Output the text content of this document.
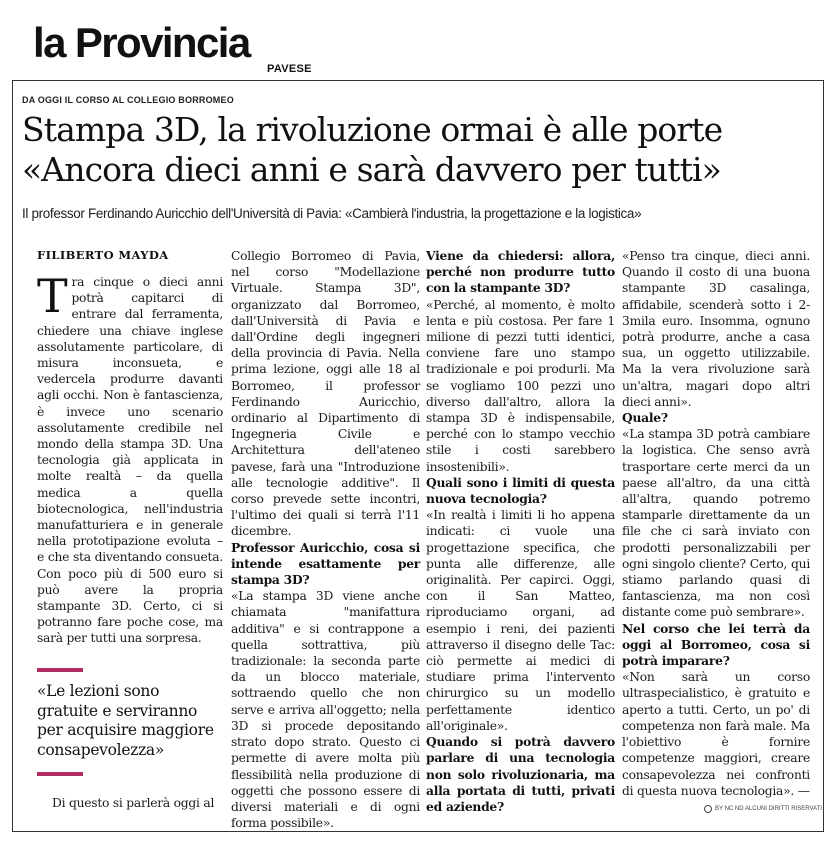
la Provincia
PAVESE
DA OGGI IL CORSO AL COLLEGIO BORROMEO
Stampa 3D, la rivoluzione ormai è alle porte
«Ancora dieci anni e sarà davvero per tutti»
Il professor Ferdinando Auricchio dell'Università di Pavia: «Cambierà l'industria, la progettazione e la logistica»
FILIBERTO MAYDA

Tra cinque o dieci anni potrà capitarci di entrare dal ferramenta, chiedere una chiave inglese assolutamente particolare, di misura inconsueta, e vedercela produrre davanti agli occhi. Non è fantascienza, è invece uno scenario assolutamente credibile nel mondo della stampa 3D. Una tecnologia già applicata in molte realtà – da quella medica a quella biotecnologica, nell'industria manufatturiera e in generale nella prototipazione evoluta – e che sta diventando consueta. Con poco più di 500 euro si può avere la propria stampante 3D. Certo, ci si potranno fare poche cose, ma sarà per tutti una sorpresa.

«Le lezioni sono gratuite e serviranno per acquisire maggiore consapevolezza»
Di questo si parlerà oggi al

Collegio Borromeo di Pavia, nel corso "Modellazione Virtuale. Stampa 3D", organizzato dal Borromeo, dall'Università di Pavia e dall'Ordine degli ingegneri della provincia di Pavia. Nella prima lezione, oggi alle 18 al Borromeo, il professor Ferdinando Auricchio, ordinario al Dipartimento di Ingegneria Civile e Architettura dell'ateneo pavese, farà una "Introduzione alle tecnologie additive". Il corso prevede sette incontri, l'ultimo dei quali si terrà l'11 dicembre.

Professor Auricchio, cosa si intende esattamente per stampa 3D?

«La stampa 3D viene anche chiamata "manifattura additiva" e si contrappone a quella sottrattiva, più tradizionale: la seconda parte da un blocco materiale, sottraendo quello che non serve e arriva all'oggetto; nella 3D si procede depositando strato dopo strato. Questo ci permette di avere molta più flessibilità nella produzione di oggetti che possono essere di diversi materiali e di ogni forma possibile».

Viene da chiedersi: allora, perché non produrre tutto con la stampante 3D?

«Perché, al momento, è molto lenta e più costosa. Per fare 1 milione di pezzi tutti identici, conviene fare uno stampo tradizionale e poi produrli. Ma se vogliamo 100 pezzi uno diverso dall'altro, allora la stampa 3D è indispensabile, perché con lo stampo vecchio stile i costi sarebbero insostenibili».

Quali sono i limiti di questa nuova tecnologia?

«In realtà i limiti li ho appena indicati: ci vuole una progettazione specifica, che punta alle differenze, alle originalità. Per capirci. Oggi, con il San Matteo, riproduciamo organi, ad esempio i reni, dei pazienti attraverso il disegno delle Tac: ciò permette ai medici di studiare prima l'intervento chirurgico su un modello perfettamente identico all'originale».

Quando si potrà davvero parlare di una tecnologia non solo rivoluzionaria, ma alla portata di tutti, privati ed aziende?

«Penso tra cinque, dieci anni. Quando il costo di una buona stampante 3D casalinga, affidabile, scenderà sotto i 2-3mila euro. Insomma, ognuno potrà produrre, anche a casa sua, un oggetto utilizzabile. Ma la vera rivoluzione sarà un'altra, magari dopo altri dieci anni».

Quale?

«La stampa 3D potrà cambiare la logistica. Che senso avrà trasportare certe merci da un paese all'altro, da una città all'altra, quando potremo stamparle direttamente da un file che ci sarà inviato con prodotti personalizzabili per ogni singolo cliente? Certo, qui stiamo parlando quasi di fantascienza, ma non così distante come può sembrare».

Nel corso che lei terrà da oggi al Borromeo, cosa si potrà imparare?

«Non sarà un corso ultraspecialistico, è gratuito e aperto a tutti. Certo, un po' di competenza non farà male. Ma l'obiettivo è fornire competenze maggiori, creare consapevolezza nei confronti di questa nuova tecnologia». —

BY NC ND ALCUNI DIRITTI RISERVATI
